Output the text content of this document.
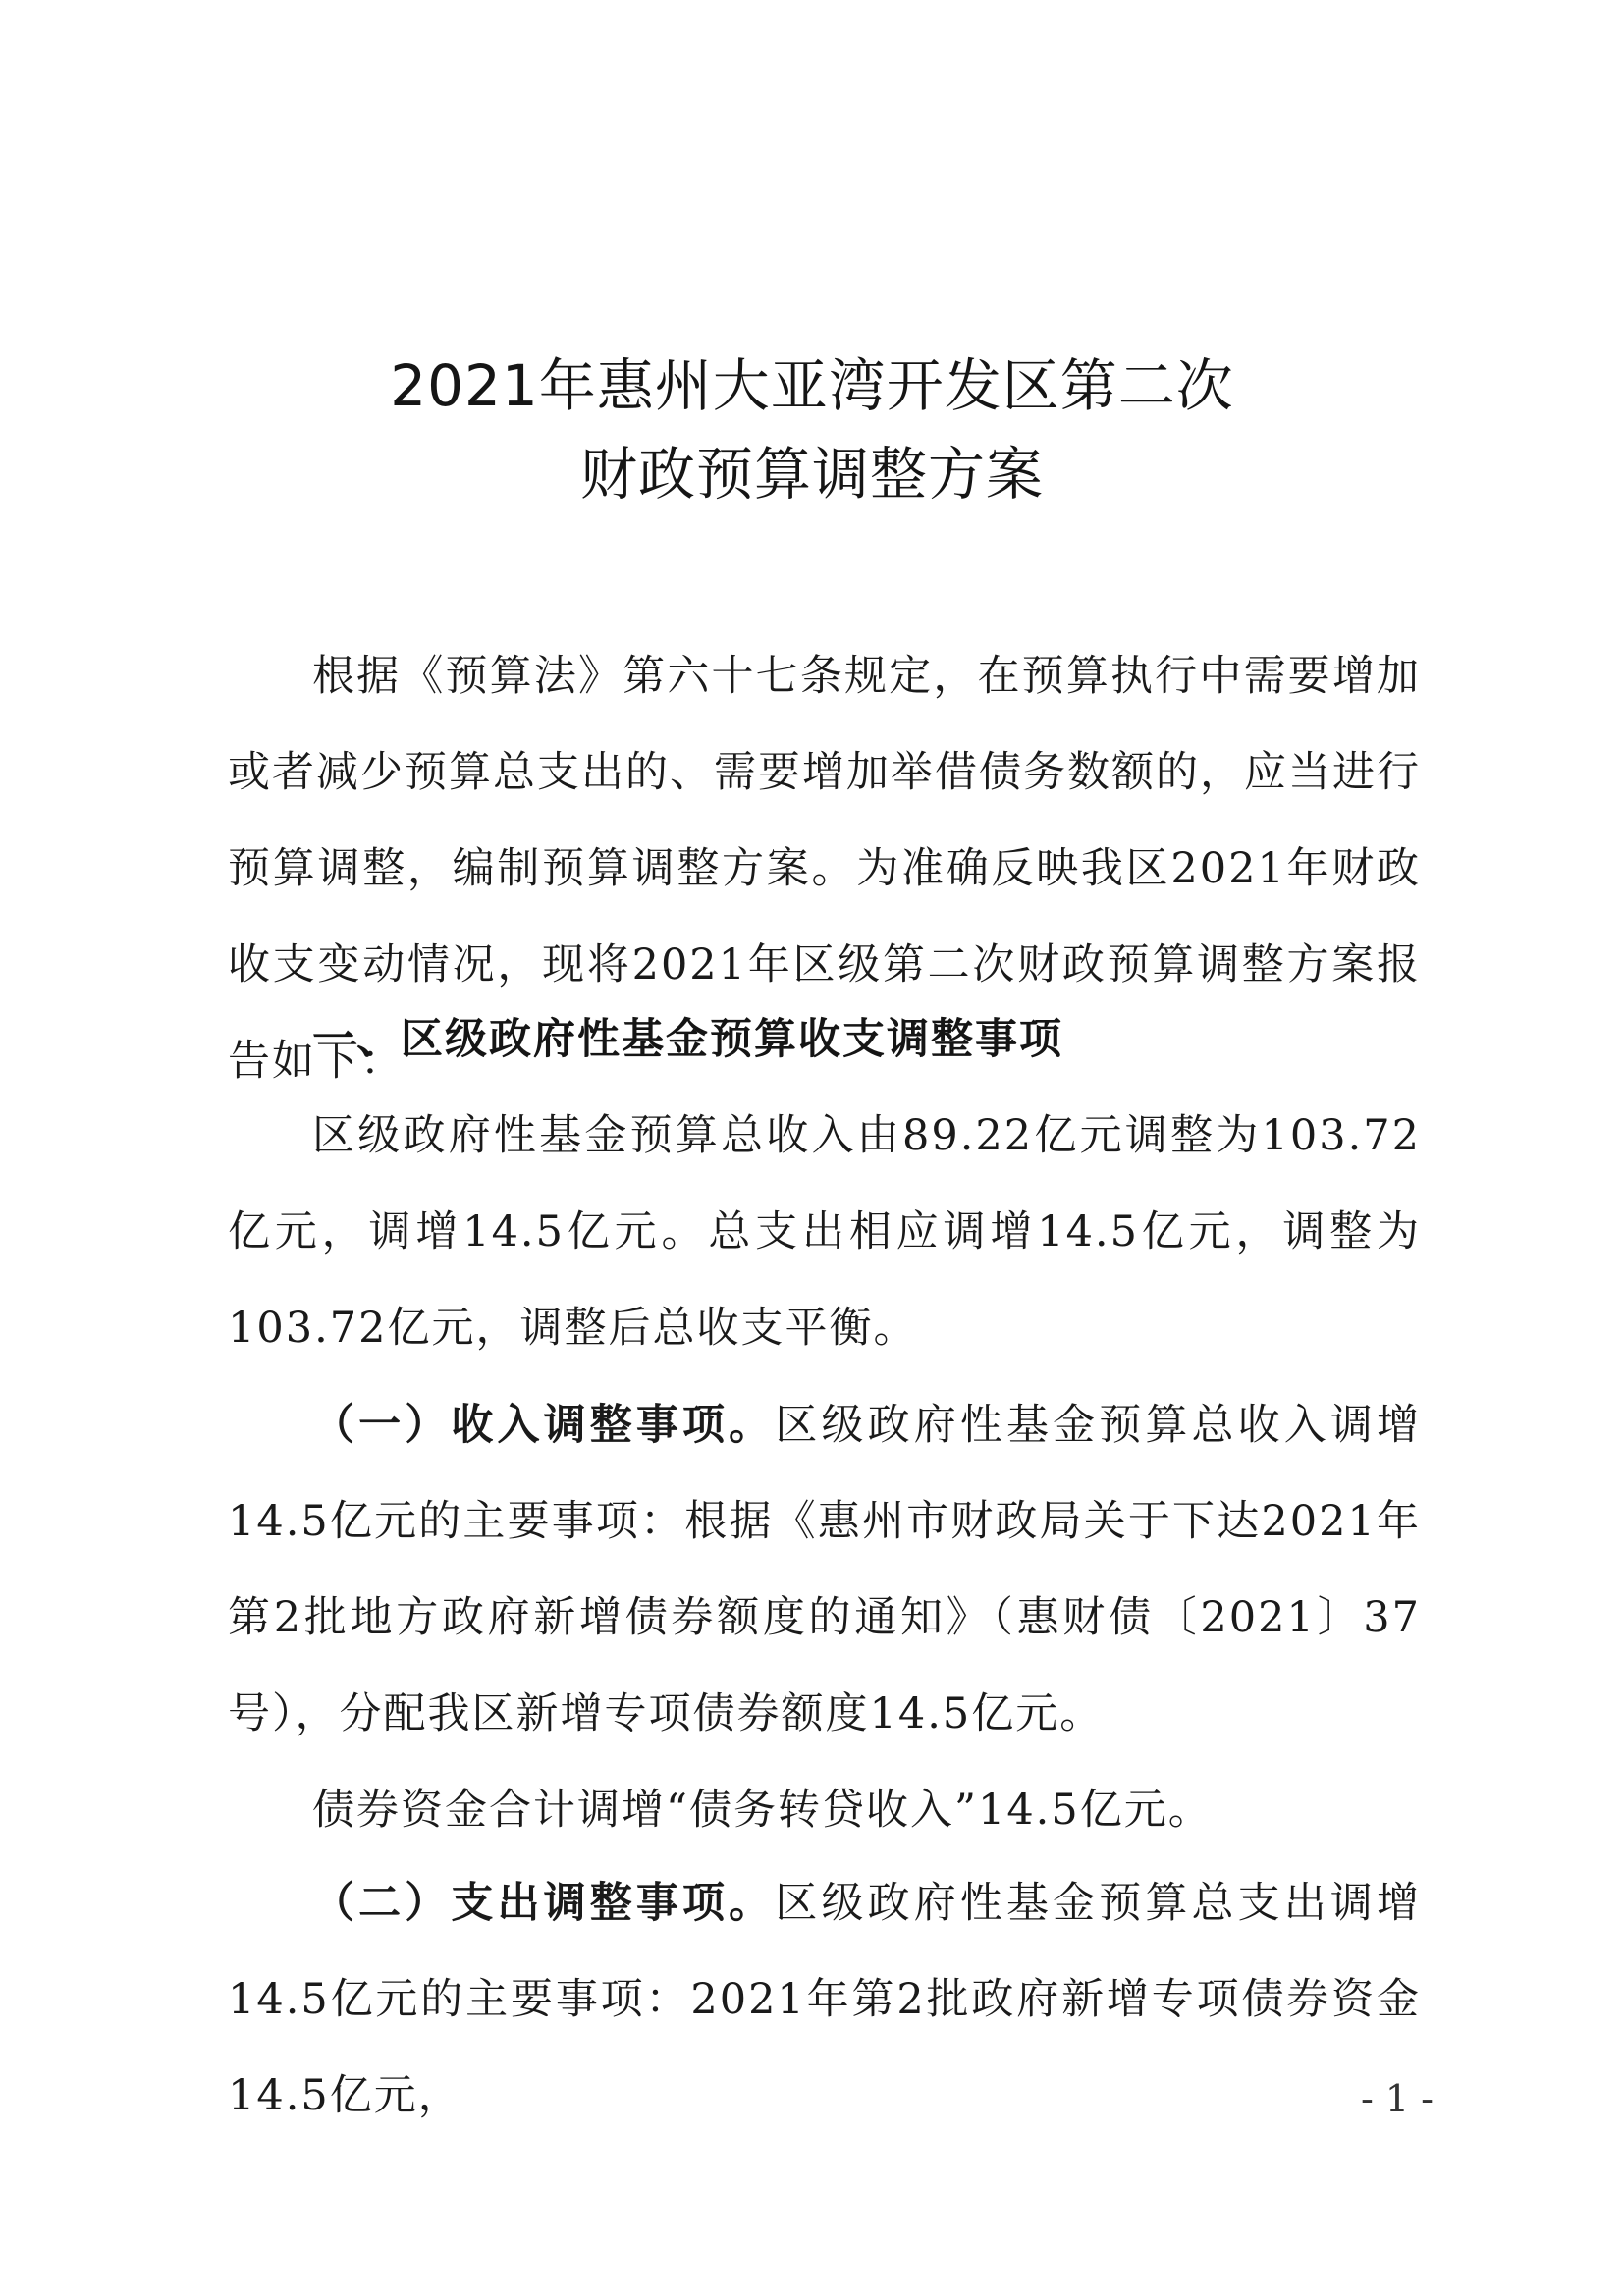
2021年惠州大亚湾开发区第二次
财政预算调整方案

根据《预算法》第六十七条规定，在预算执行中需要增加或者减少预算总支出的、需要增加举借债务数额的，应当进行预算调整，编制预算调整方案。为准确反映我区2021年财政收支变动情况，现将2021年区级第二次财政预算调整方案报告如下：

一、区级政府性基金预算收支调整事项

区级政府性基金预算总收入由89.22亿元调整为103.72亿元，调增14.5亿元。总支出相应调增14.5亿元，调整为103.72亿元，调整后总收支平衡。

（一）收入调整事项。区级政府性基金预算总收入调增14.5亿元的主要事项：根据《惠州市财政局关于下达2021年第2批地方政府新增债券额度的通知》（惠财债〔2021〕37号），分配我区新增专项债券额度14.5亿元。

债券资金合计调增“债务转贷收入”14.5亿元。

（二）支出调整事项。区级政府性基金预算总支出调增14.5亿元的主要事项：2021年第2批政府新增专项债券资金14.5亿元，	- 1 -
